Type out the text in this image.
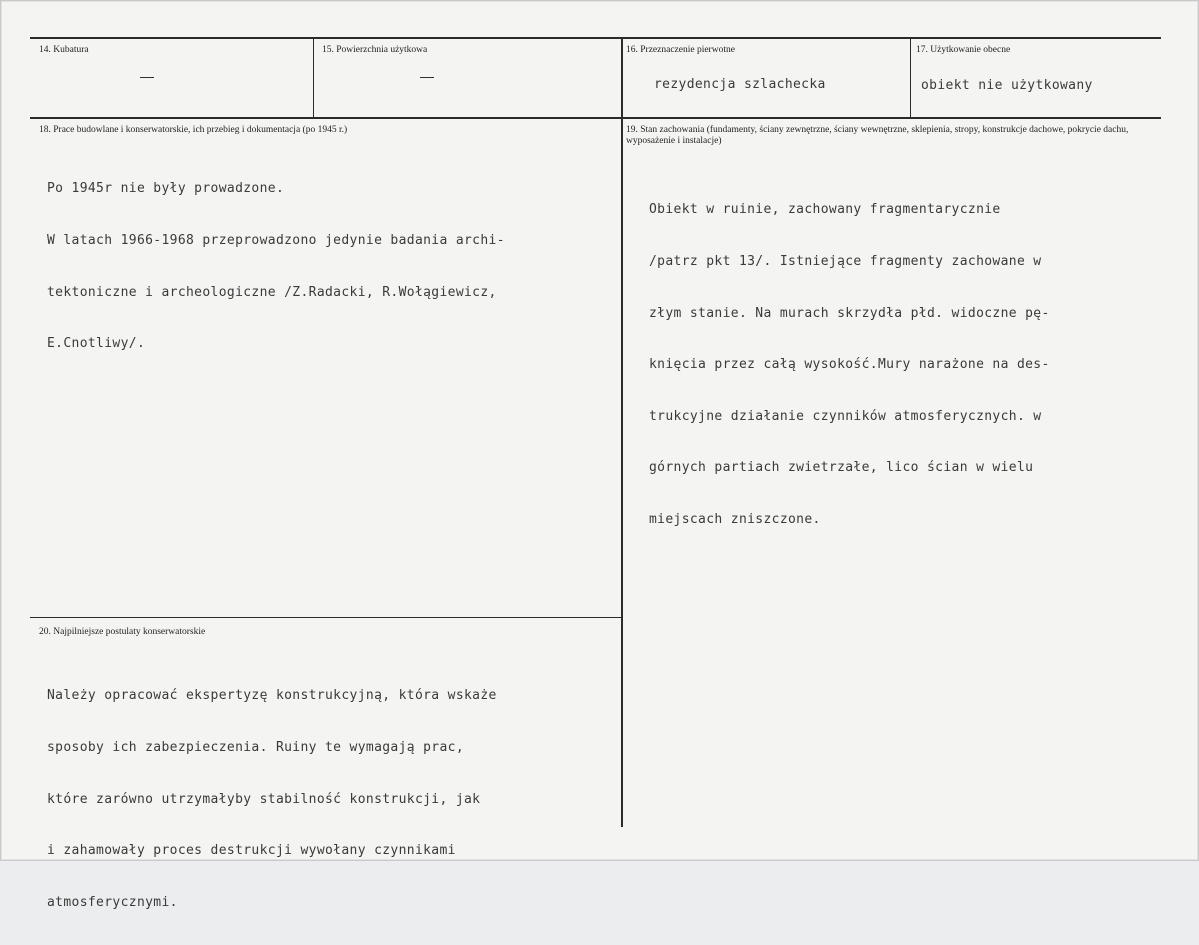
14. Kubatura
—
15. Powierzchnia użytkowa
—
16. Przeznaczenie pierwotne
rezydencja szlachecka
17. Użytkowanie obecne
obiekt nie użytkowany
18. Prace budowlane i konserwatorskie, ich przebieg i dokumentacja (po 1945 r.)

Po 1945r nie były prowadzone.

W latach 1966-1968 przeprowadzono jedynie badania archi-

tektoniczne i archeologiczne /Z.Radacki, R.Wołągiewicz,

E.Cnotliwy/.

19. Stan zachowania (fundamenty, ściany zewnętrzne, ściany wewnętrzne, sklepienia, stropy, konstrukcje dachowe, pokrycie dachu, wyposażenie i instalacje)

Obiekt w ruinie, zachowany fragmentarycznie

/patrz pkt 13/. Istniejące fragmenty zachowane w

złym stanie. Na murach skrzydła płd. widoczne pę-

knięcia przez całą wysokość.Mury narażone na des-

trukcyjne działanie czynników atmosferycznych. w

górnych partiach zwietrzałe, lico ścian w wielu

miejscach zniszczone.

20. Najpilniejsze postulaty konserwatorskie

Należy opracować ekspertyzę konstrukcyjną, która wskaże

sposoby ich zabezpieczenia. Ruiny te wymagają prac,

które zarówno utrzymałyby stabilność konstrukcji, jak

i zahamowały proces destrukcji wywołany czynnikami

atmosferycznymi.
